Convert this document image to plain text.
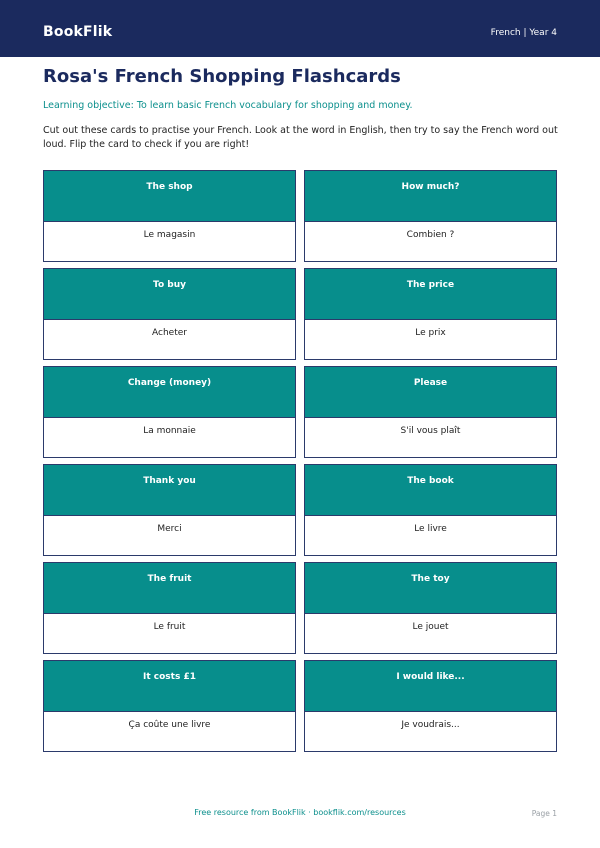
BookFlik	French | Year 4
Rosa's French Shopping Flashcards
Learning objective: To learn basic French vocabulary for shopping and money.
Cut out these cards to practise your French. Look at the word in English, then try to say the French word out loud. Flip the card to check if you are right!
The shop
Le magasin
How much?
Combien ?
To buy
Acheter
The price
Le prix
Change (money)
La monnaie
Please
S'il vous plaît
Thank you
Merci
The book
Le livre
The fruit
Le fruit
The toy
Le jouet
It costs £1
Ça coûte une livre
I would like...
Je voudrais...
Free resource from BookFlik · bookflik.com/resources	Page 1
